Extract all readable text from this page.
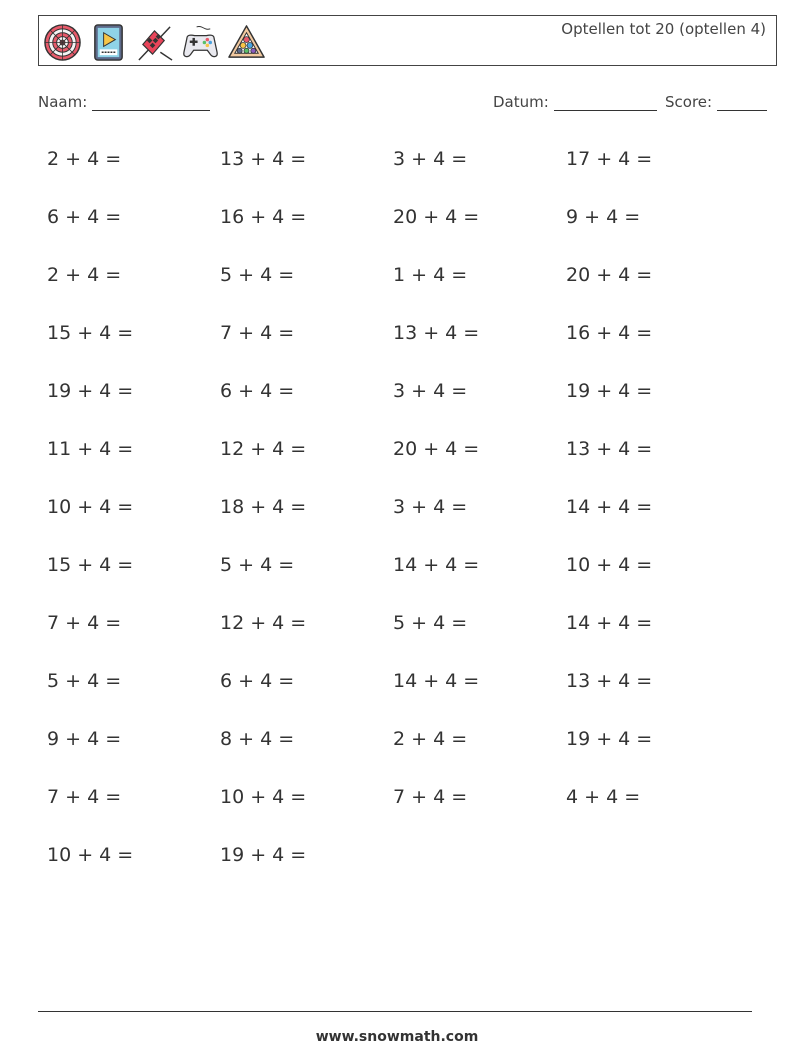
Optellen tot 20 (optellen 4)
Naam:	Datum:	Score:
2 + 4 =	13 + 4 =	3 + 4 =	17 + 4 =
6 + 4 =	16 + 4 =	20 + 4 =	9 + 4 =
2 + 4 =	5 + 4 =	1 + 4 =	20 + 4 =
15 + 4 =	7 + 4 =	13 + 4 =	16 + 4 =
19 + 4 =	6 + 4 =	3 + 4 =	19 + 4 =
11 + 4 =	12 + 4 =	20 + 4 =	13 + 4 =
10 + 4 =	18 + 4 =	3 + 4 =	14 + 4 =
15 + 4 =	5 + 4 =	14 + 4 =	10 + 4 =
7 + 4 =	12 + 4 =	5 + 4 =	14 + 4 =
5 + 4 =	6 + 4 =	14 + 4 =	13 + 4 =
9 + 4 =	8 + 4 =	2 + 4 =	19 + 4 =
7 + 4 =	10 + 4 =	7 + 4 =	4 + 4 =
10 + 4 =	19 + 4 =
www.snowmath.com
